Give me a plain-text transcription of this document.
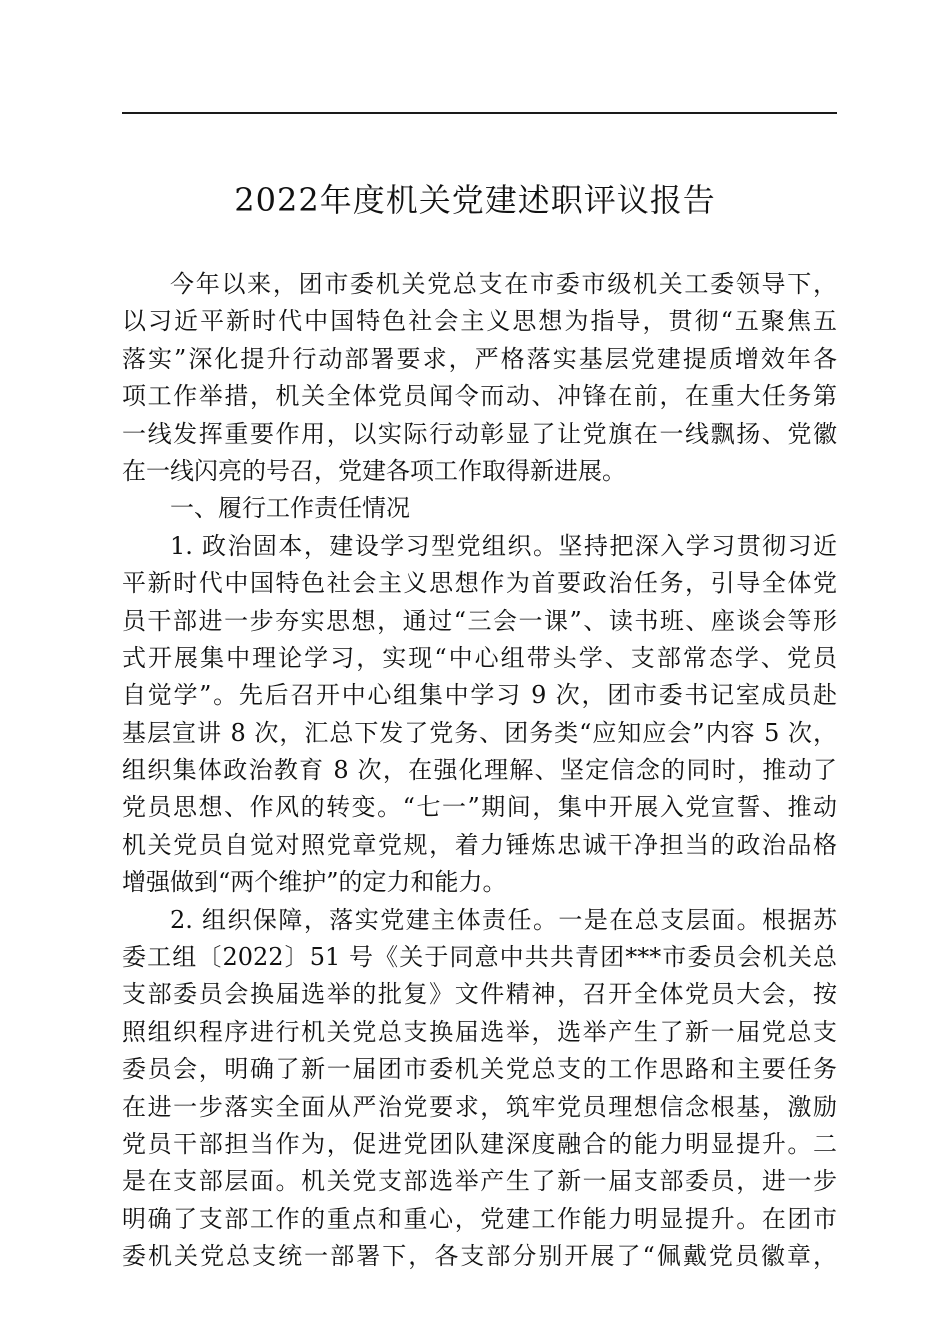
2022年度机关党建述职评议报告
今年以来，团市委机关党总支在市委市级机关工委领导下，
以习近平新时代中国特色社会主义思想为指导，贯彻“五聚焦五
落实”深化提升行动部署要求，严格落实基层党建提质增效年各
项工作举措，机关全体党员闻令而动、冲锋在前，在重大任务第
一线发挥重要作用，以实际行动彰显了让党旗在一线飘扬、党徽
在一线闪亮的号召，党建各项工作取得新进展。
一、履行工作责任情况
1. 政治固本，建设学习型党组织。坚持把深入学习贯彻习近
平新时代中国特色社会主义思想作为首要政治任务，引导全体党
员干部进一步夯实思想，通过“三会一课”、读书班、座谈会等形
式开展集中理论学习，实现“中心组带头学、支部常态学、党员
自觉学”。先后召开中心组集中学习 9 次，团市委书记室成员赴
基层宣讲 8 次，汇总下发了党务、团务类“应知应会”内容 5 次，
组织集体政治教育 8 次，在强化理解、坚定信念的同时，推动了
党员思想、作风的转变。“七一”期间，集中开展入党宣誓、推动
机关党员自觉对照党章党规，着力锤炼忠诚干净担当的政治品格
增强做到“两个维护”的定力和能力。
2. 组织保障，落实党建主体责任。一是在总支层面。根据苏
委工组〔2022〕51 号《关于同意中共共青团***市委员会机关总
支部委员会换届选举的批复》文件精神，召开全体党员大会，按
照组织程序进行机关党总支换届选举，选举产生了新一届党总支
委员会，明确了新一届团市委机关党总支的工作思路和主要任务
在进一步落实全面从严治党要求，筑牢党员理想信念根基，激励
党员干部担当作为，促进党团队建深度融合的能力明显提升。二
是在支部层面。机关党支部选举产生了新一届支部委员，进一步
明确了支部工作的重点和重心，党建工作能力明显提升。在团市
委机关党总支统一部署下，各支部分别开展了“佩戴党员徽章，
